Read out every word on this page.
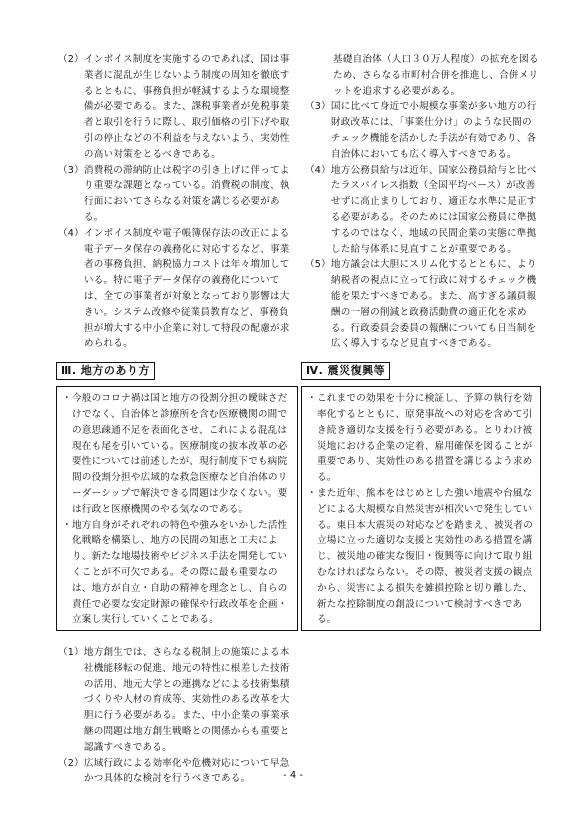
（2） インボイス制度を実施するのであれば、国は事業者に混乱が生じないよう制度の周知を徹底するとともに、事務負担が軽減するような環境整備が必要である。また、課税事業者が免税事業者と取引を行うに際し、取引価格の引下げや取引の停止などの不利益を与えないよう、実効性の高い対策をとるべきである。
（3） 消費税の滞納防止は税字の引き上げに伴ってより重要な課題となっている。消費税の制度、執行面においてさらなる対策を講じる必要がある。
（4） インボイス制度や電子帳簿保存法の改正による電子データ保存の義務化に対応するなど、事業者の事務負担、納税協力コストは年々増加している。特に電子データ保存の義務化については、全ての事業者が対象となっており影響は大きい。システム改修や従業員教育など、事務負担が増大する中小企業に対して特段の配慮が求められる。
Ⅲ. 地方のあり方
・ 今般のコロナ禍は国と地方の役割分担の曖昧さだけでなく、自治体と診療所を含む医療機関の間での意思疎通不足を表面化させ、これによる混乱は現在も尾を引いている。医療制度の抜本改革の必要性については前述したが、現行制度下でも病院間の役割分担や広域的な救急医療など自治体のリーダーシップで解決できる問題は少なくない。要は行政と医療機関のやる気なのである。
・ 地方自身がそれぞれの特色や強みをいかした活性化戦略を構築し、地方の民間の知恵と工夫により、新たな地場技術やビジネス手法を開発していくことが不可欠である。その際に最も重要なのは、地方が自立・自助の精神を理念とし、自らの責任で必要な安定財源の確保や行政改革を企画・立案し実行していくことである。
（1） 地方創生では、さらなる税制上の施策による本社機能移転の促進、地元の特性に根差した技術の活用、地元大学との連携などによる技術集積づくりや人材の育成等、実効性のある改革を大胆に行う必要がある。また、中小企業の事業承継の問題は地方創生戦略との関係からも重要と認識すべきである。
（2） 広域行政による効率化や危機対応について早急かつ具体的な検討を行うべきである。
基礎自治体（人口３０万人程度）の拡充を図るため、さらなる市町村合併を推進し、合併メリットを追求する必要がある。
（3） 国に比べて身近で小規模な事業が多い地方の行財政改革には、「事業仕分け」のような民間のチェック機能を活かした手法が有効であり、各自治体においても広く導入すべきである。
（4） 地方公務員給与は近年、国家公務員給与と比べたラスパイレス指数（全国平均ベース）が改善せずに高止まりしており、適正な水準に是正する必要がある。そのためには国家公務員に準拠するのではなく、地域の民間企業の実態に準拠した給与体系に見直すことが重要である。
（5） 地方議会は大胆にスリム化するとともに、より納税者の視点に立って行政に対するチェック機能を果たすべきである。また、高すぎる議員報酬の一層の削減と政務活動費の適正化を求める。行政委員会委員の報酬についても日当制を広く導入するなど見直すべきである。
Ⅳ. 震災復興等
・ これまでの効果を十分に検証し、予算の執行を効率化するとともに、原発事故への対応を含めて引き続き適切な支援を行う必要がある。とりわけ被災地における企業の定着、雇用確保を図ることが重要であり、実効性のある措置を講じるよう求める。
・ また近年、熊本をはじめとした強い地震や台風などによる大規模な自然災害が相次いで発生している。東日本大震災の対応などを踏まえ、被災者の立場に立った適切な支援と実効性のある措置を講じ、被災地の確実な復旧・復興等に向けて取り組むなければならない。その際、被災者支援の観点から、災害による損失を雑損控除と切り離した、新たな控除制度の創設について検討すべきである。
- 4 -
